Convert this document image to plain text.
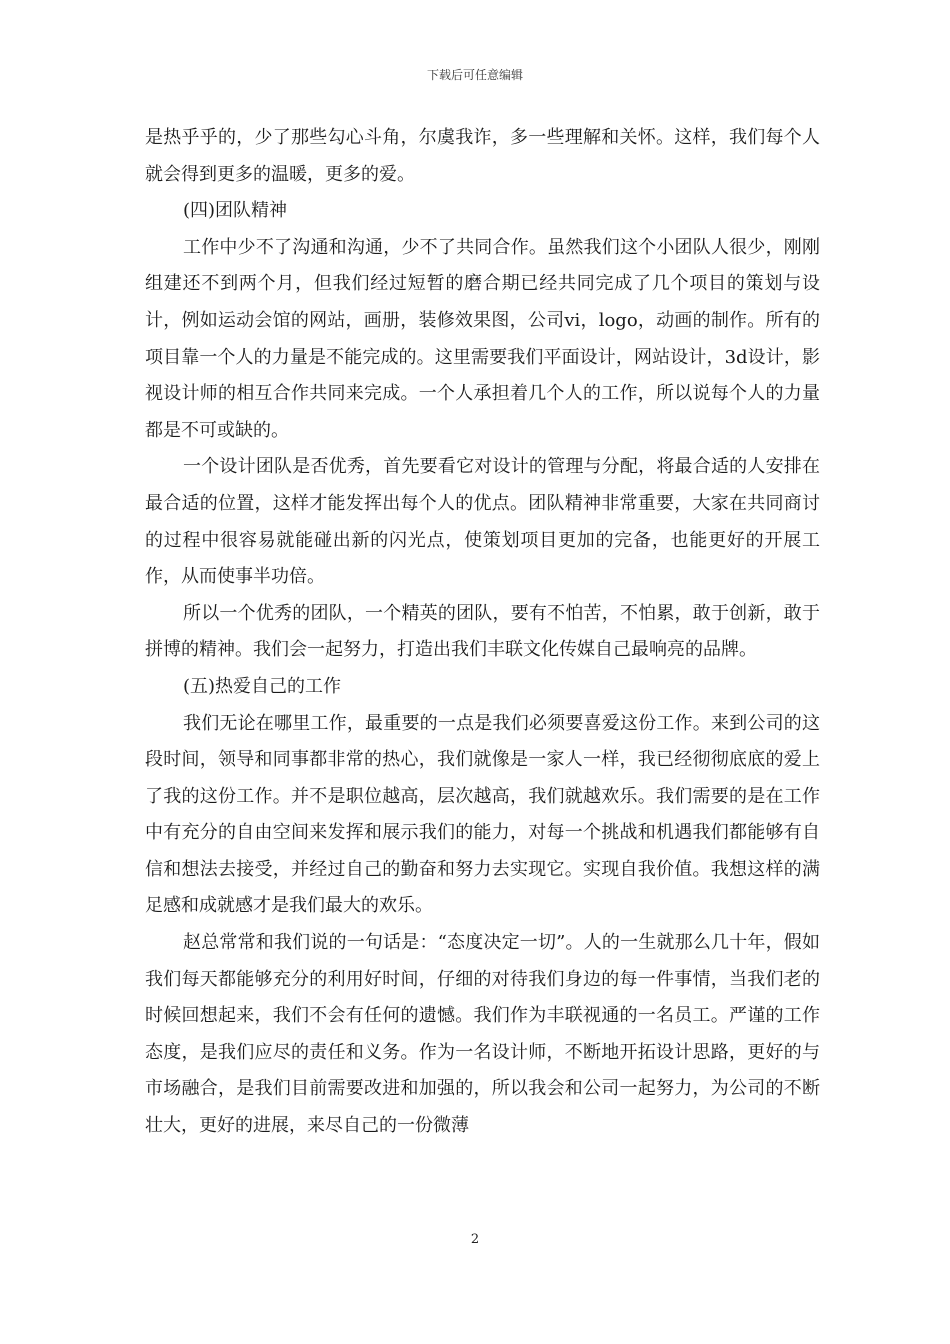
下载后可任意编辑

是热乎乎的，少了那些勾心斗角，尔虞我诈，多一些理解和关怀。这样，我们每个人就会得到更多的温暖，更多的爱。

(四)团队精神

工作中少不了沟通和沟通，少不了共同合作。虽然我们这个小团队人很少，刚刚组建还不到两个月，但我们经过短暂的磨合期已经共同完成了几个项目的策划与设计，例如运动会馆的网站，画册，装修效果图，公司vi，logo，动画的制作。所有的项目靠一个人的力量是不能完成的。这里需要我们平面设计，网站设计，3d设计，影视设计师的相互合作共同来完成。一个人承担着几个人的工作，所以说每个人的力量都是不可或缺的。

一个设计团队是否优秀，首先要看它对设计的管理与分配，将最合适的人安排在最合适的位置，这样才能发挥出每个人的优点。团队精神非常重要，大家在共同商讨的过程中很容易就能碰出新的闪光点，使策划项目更加的完备，也能更好的开展工作，从而使事半功倍。

所以一个优秀的团队，一个精英的团队，要有不怕苦，不怕累，敢于创新，敢于拼博的精神。我们会一起努力，打造出我们丰联文化传媒自己最响亮的品牌。

(五)热爱自己的工作

我们无论在哪里工作，最重要的一点是我们必须要喜爱这份工作。来到公司的这段时间，领导和同事都非常的热心，我们就像是一家人一样，我已经彻彻底底的爱上了我的这份工作。并不是职位越高，层次越高，我们就越欢乐。我们需要的是在工作中有充分的自由空间来发挥和展示我们的能力，对每一个挑战和机遇我们都能够有自信和想法去接受，并经过自己的勤奋和努力去实现它。实现自我价值。我想这样的满足感和成就感才是我们最大的欢乐。

赵总常常和我们说的一句话是：“态度决定一切”。人的一生就那么几十年，假如我们每天都能够充分的利用好时间，仔细的对待我们身边的每一件事情，当我们老的时候回想起来，我们不会有任何的遗憾。我们作为丰联视通的一名员工。严谨的工作态度，是我们应尽的责任和义务。作为一名设计师，不断地开拓设计思路，更好的与市场融合，是我们目前需要改进和加强的，所以我会和公司一起努力，为公司的不断壮大，更好的进展，来尽自己的一份微薄

2
